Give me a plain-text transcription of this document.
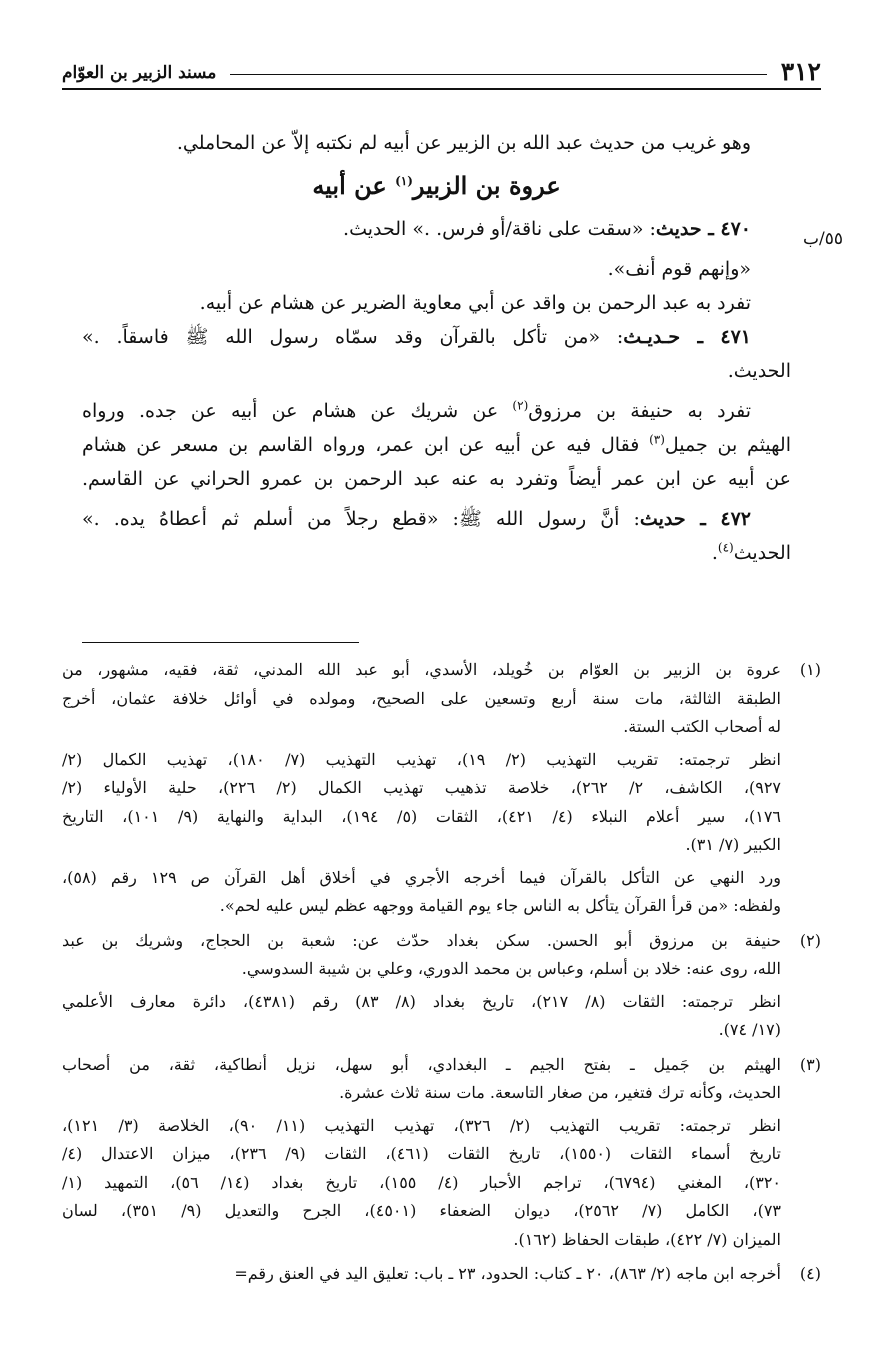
٣١٢
مسند الزبير بن العوّام
٥٥/ب
وهو غريب من حديث عبد الله بن الزبير عن أبيه لم نكتبه إلاّ عن المحاملي.
عروة بن الزبير$^{(١)}$ عن أبيه
٤٧٠ ـ حديث: «سقت على ناقة/أو فرس. .» الحديث.
«وإنهم قوم أنف».
تفرد به عبد الرحمن بن واقد عن أبي معاوية الضرير عن هشام عن أبيه.
٤٧١ ـ حـديـث: «من تأكل بالقرآن وقد سمّاه رسول الله ﷺ فاسقاً. .»
الحديث.
تفرد به حنيفة بن مرزوق$^{(٢)}$ عن شريك عن هشام عن أبيه عن جده. ورواه
الهيثم بن جميل$^{(٣)}$ فقال فيه عن أبيه عن ابن عمر، ورواه القاسم بن مسعر عن هشام
عن أبيه عن ابن عمر أيضاً وتفرد به عنه عبد الرحمن بن عمرو الحراني عن القاسم.
٤٧٢ ـ حديث: أنَّ رسول الله ﷺ: «قطع رجلاً من أسلم ثم أعطاهُ يده. .»
الحديث$^{(٤)}$.
(١)
عروة بن الزبير بن العوّام بن خُويلد، الأسدي، أبو عبد الله المدني، ثقة، فقيه، مشهور، من
الطبقة الثالثة، مات سنة أربع وتسعين على الصحيح، ومولده في أوائل خلافة عثمان، أخرج
له أصحاب الكتب الستة.
انظر ترجمته: تقريب التهذيب (٢/ ١٩)، تهذيب التهذيب (٧/ ١٨٠)، تهذيب الكمال (٢/
٩٢٧)، الكاشف، ٢/ ٢٦٢)، خلاصة تذهيب تهذيب الكمال (٢/ ٢٢٦)، حلية الأولياء (٢/
١٧٦)، سير أعلام النبلاء (٤/ ٤٢١)، الثقات (٥/ ١٩٤)، البداية والنهاية (٩/ ١٠١)، التاريخ
الكبير (٧/ ٣١).
ورد النهي عن التأكل بالقرآن فيما أخرجه الأجري في أخلاق أهل القرآن ص ١٢٩ رقم (٥٨)،
ولفظه: «من قرأ القرآن يتأكل به الناس جاء يوم القيامة ووجهه عظم ليس عليه لحم».
(٢)
حنيفة بن مرزوق أبو الحسن. سكن بغداد حدّث عن: شعبة بن الحجاج، وشريك بن عبد
الله، روى عنه: خلاد بن أسلم، وعباس بن محمد الدوري، وعلي بن شيبة السدوسي.
انظر ترجمته: الثقات (٨/ ٢١٧)، تاريخ بغداد (٨/ ٨٣) رقم (٤٣٨١)، دائرة معارف الأعلمي
(١٧/ ٧٤).
(٣)
الهيثم بن جَميل ـ بفتح الجيم ـ البغدادي، أبو سهل، نزيل أنطاكية، ثقة، من أصحاب
الحديث، وكأنه ترك فتغير، من صغار التاسعة. مات سنة ثلاث عشرة.
انظر ترجمته: تقريب التهذيب (٢/ ٣٢٦)، تهذيب التهذيب (١١/ ٩٠)، الخلاصة (٣/ ١٢١)،
تاريخ أسماء الثقات (١٥٥٠)، تاريخ الثقات (٤٦١)، الثقات (٩/ ٢٣٦)، ميزان الاعتدال (٤/
٣٢٠)، المغني (٦٧٩٤)، تراجم الأحبار (٤/ ١٥٥)، تاريخ بغداد (١٤/ ٥٦)، التمهيد (١/
٧٣)، الكامل (٧/ ٢٥٦٢)، ديوان الضعفاء (٤٥٠١)، الجرح والتعديل (٩/ ٣٥١)، لسان
الميزان (٧/ ٤٢٢)، طبقات الحفاظ (١٦٢).
(٤)
أخرجه ابن ماجه (٢/ ٨٦٣)، ٢٠ ـ كتاب: الحدود، ٢٣ ـ باب: تعليق اليد في العنق رقم=
